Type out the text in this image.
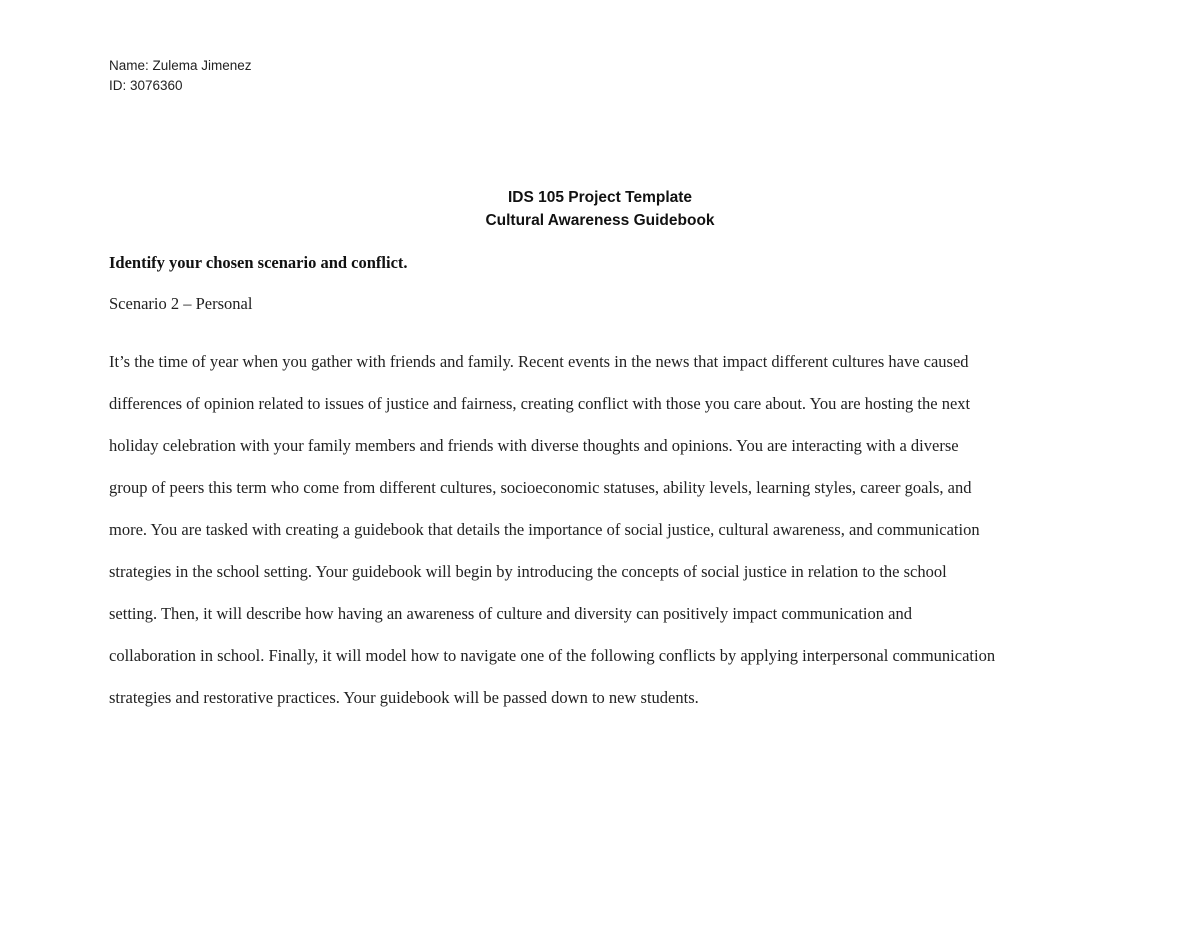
Name: Zulema Jimenez
ID: 3076360
IDS 105 Project Template
Cultural Awareness Guidebook
Identify your chosen scenario and conflict.
Scenario 2 – Personal
It’s the time of year when you gather with friends and family. Recent events in the news that impact different cultures have caused
differences of opinion related to issues of justice and fairness, creating conflict with those you care about. You are hosting the next
holiday celebration with your family members and friends with diverse thoughts and opinions. You are interacting with a diverse
group of peers this term who come from different cultures, socioeconomic statuses, ability levels, learning styles, career goals, and
more. You are tasked with creating a guidebook that details the importance of social justice, cultural awareness, and communication
strategies in the school setting. Your guidebook will begin by introducing the concepts of social justice in relation to the school
setting. Then, it will describe how having an awareness of culture and diversity can positively impact communication and
collaboration in school. Finally, it will model how to navigate one of the following conflicts by applying interpersonal communication
strategies and restorative practices. Your guidebook will be passed down to new students.
